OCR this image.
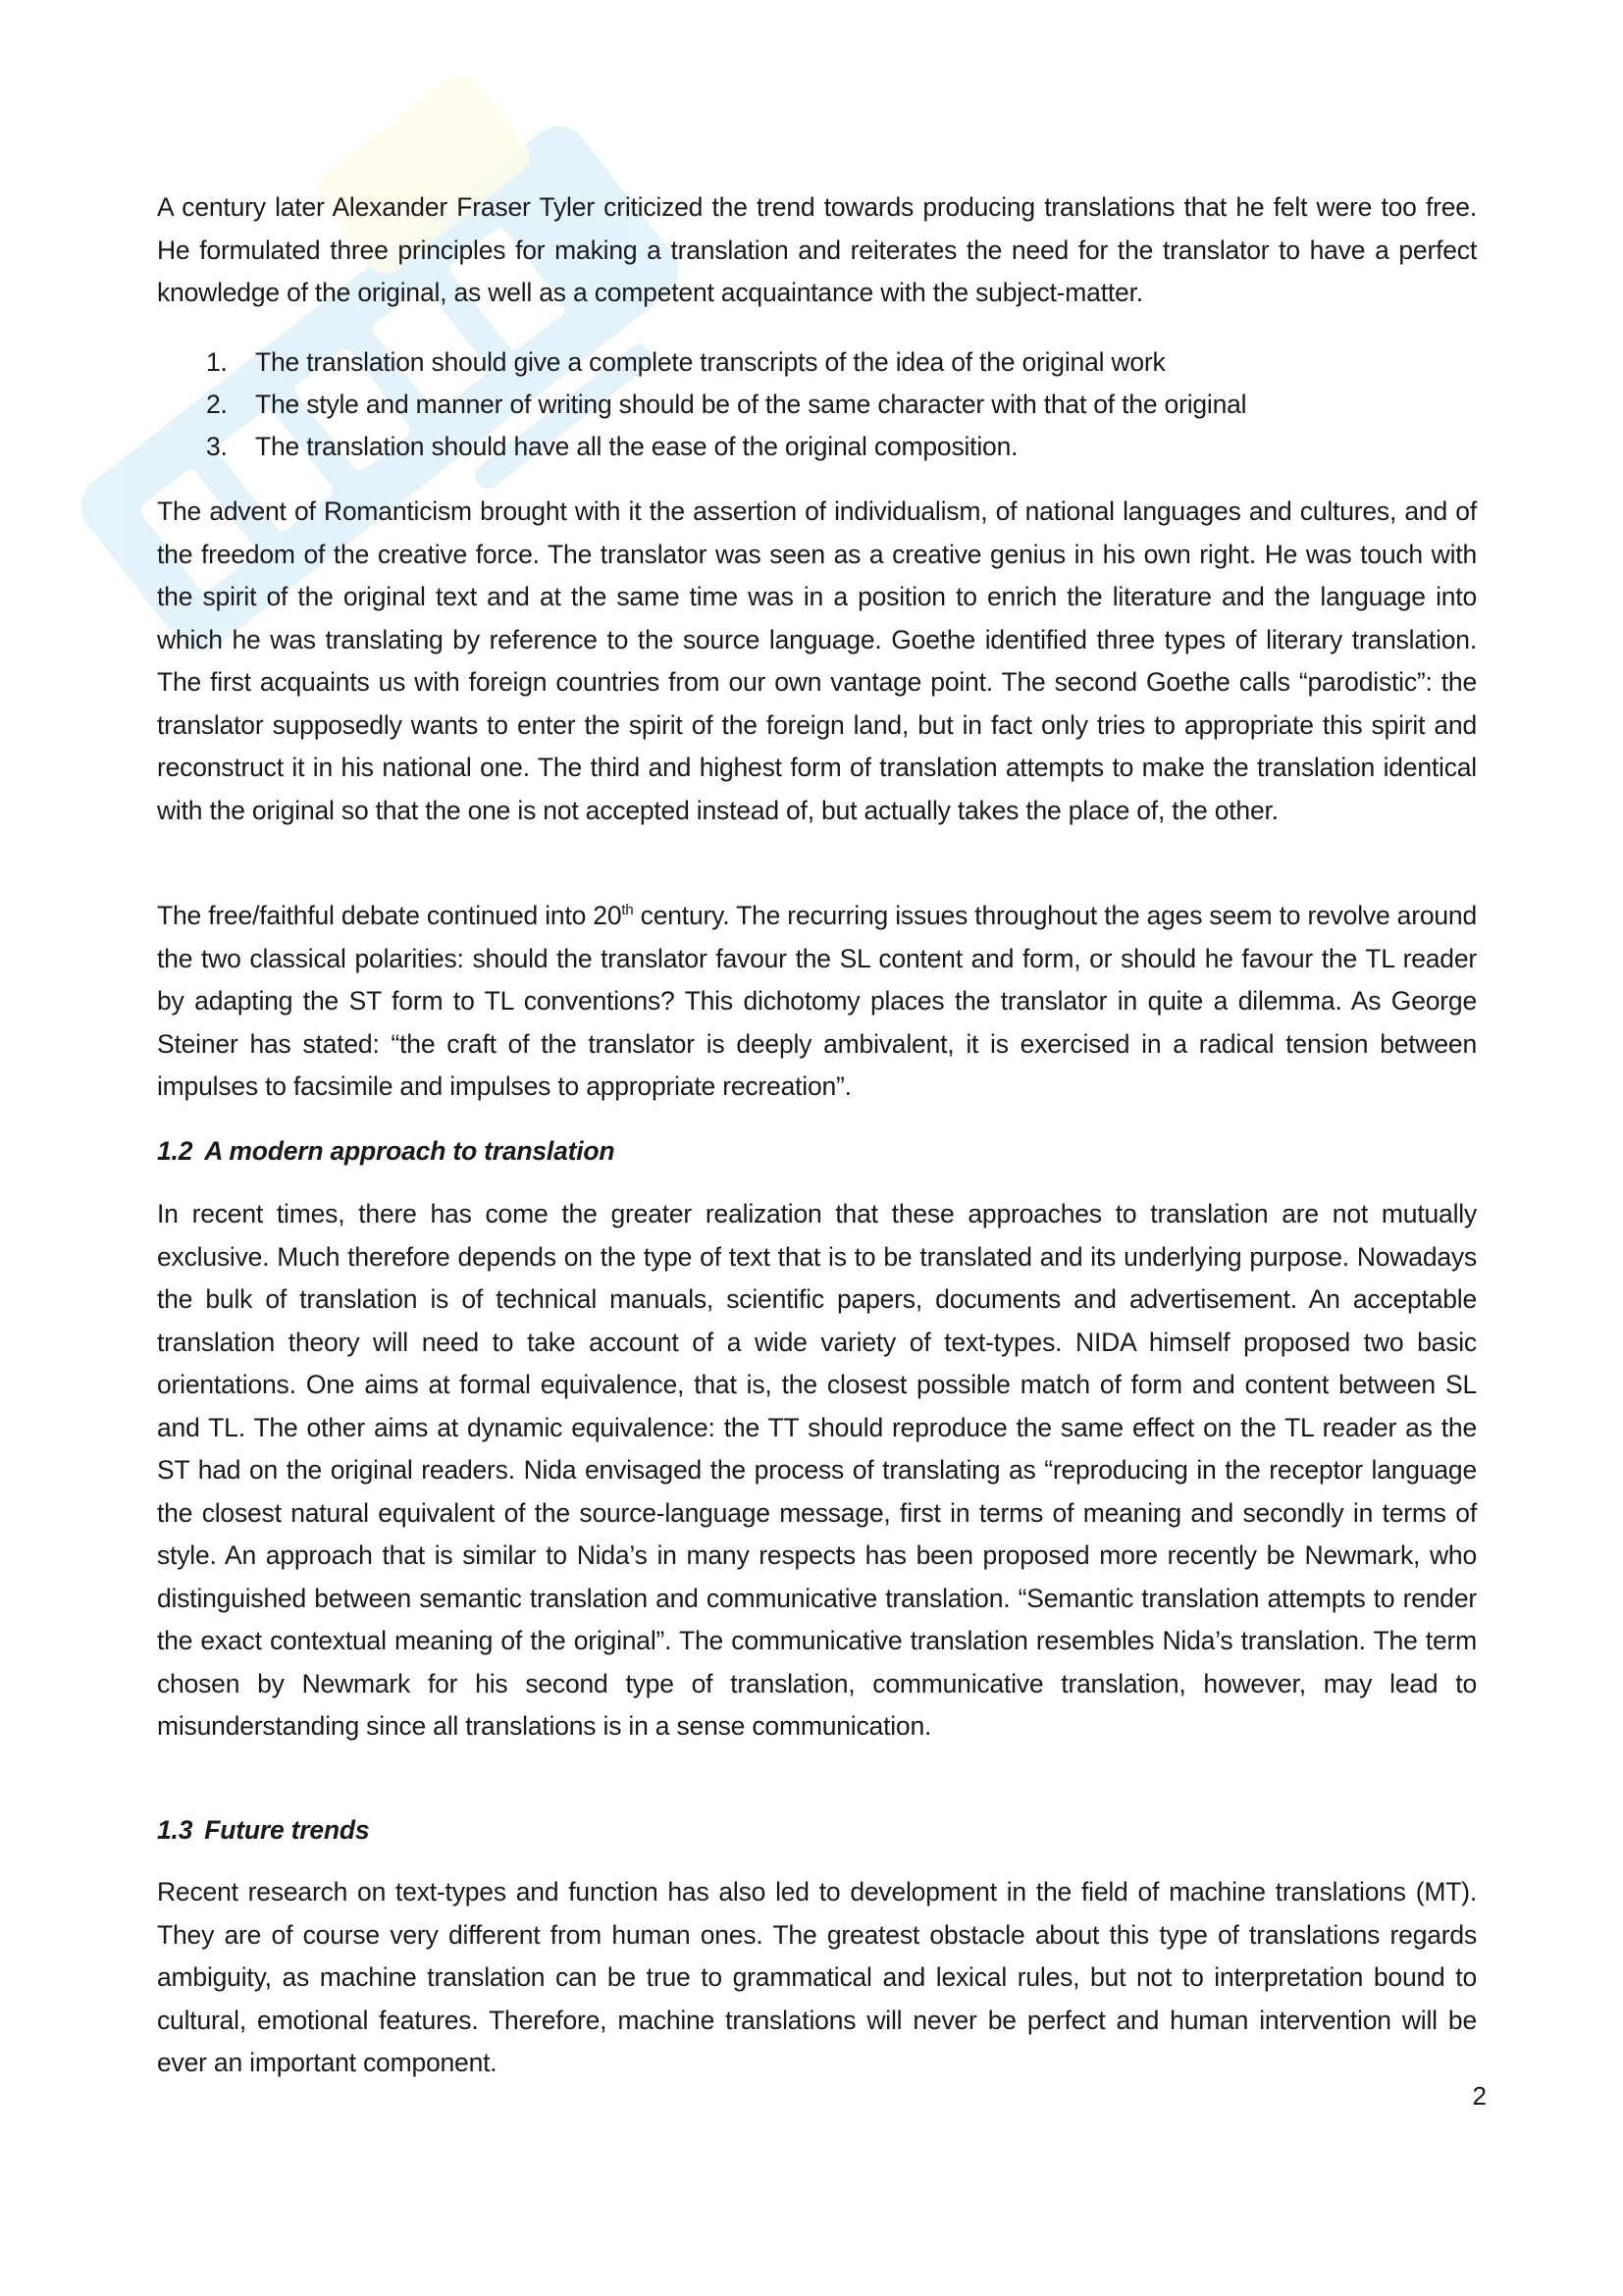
A century later Alexander Fraser Tyler criticized the trend towards producing translations that he felt were too free. He formulated three principles for making a translation and reiterates the need for the translator to have a perfect knowledge of the original, as well as a competent acquaintance with the subject-matter.

1. The translation should give a complete transcripts of the idea of the original work
2. The style and manner of writing should be of the same character with that of the original
3. The translation should have all the ease of the original composition.

The advent of Romanticism brought with it the assertion of individualism, of national languages and cultures, and of the freedom of the creative force. The translator was seen as a creative genius in his own right. He was touch with the spirit of the original text and at the same time was in a position to enrich the literature and the language into which he was translating by reference to the source language. Goethe identified three types of literary translation. The first acquaints us with foreign countries from our own vantage point. The second Goethe calls “parodistic”: the translator supposedly wants to enter the spirit of the foreign land, but in fact only tries to appropriate this spirit and reconstruct it in his national one. The third and highest form of translation attempts to make the translation identical with the original so that the one is not accepted instead of, but actually takes the place of, the other.

The free/faithful debate continued into 20th century. The recurring issues throughout the ages seem to revolve around the two classical polarities: should the translator favour the SL content and form, or should he favour the TL reader by adapting the ST form to TL conventions? This dichotomy places the translator in quite a dilemma. As George Steiner has stated: “the craft of the translator is deeply ambivalent, it is exercised in a radical tension between impulses to facsimile and impulses to appropriate recreation”.

1.2 A modern approach to translation

In recent times, there has come the greater realization that these approaches to translation are not mutually exclusive. Much therefore depends on the type of text that is to be translated and its underlying purpose. Nowadays the bulk of translation is of technical manuals, scientific papers, documents and advertisement. An acceptable translation theory will need to take account of a wide variety of text-types. NIDA himself proposed two basic orientations. One aims at formal equivalence, that is, the closest possible match of form and content between SL and TL. The other aims at dynamic equivalence: the TT should reproduce the same effect on the TL reader as the ST had on the original readers. Nida envisaged the process of translating as “reproducing in the receptor language the closest natural equivalent of the source-language message, first in terms of meaning and secondly in terms of style. An approach that is similar to Nida’s in many respects has been proposed more recently be Newmark, who distinguished between semantic translation and communicative translation. “Semantic translation attempts to render the exact contextual meaning of the original”. The communicative translation resembles Nida’s translation. The term chosen by Newmark for his second type of translation, communicative translation, however, may lead to misunderstanding since all translations is in a sense communication.

1.3 Future trends

Recent research on text-types and function has also led to development in the field of machine translations (MT). They are of course very different from human ones. The greatest obstacle about this type of translations regards ambiguity, as machine translation can be true to grammatical and lexical rules, but not to interpretation bound to cultural, emotional features. Therefore, machine translations will never be perfect and human intervention will be ever an important component.

2
